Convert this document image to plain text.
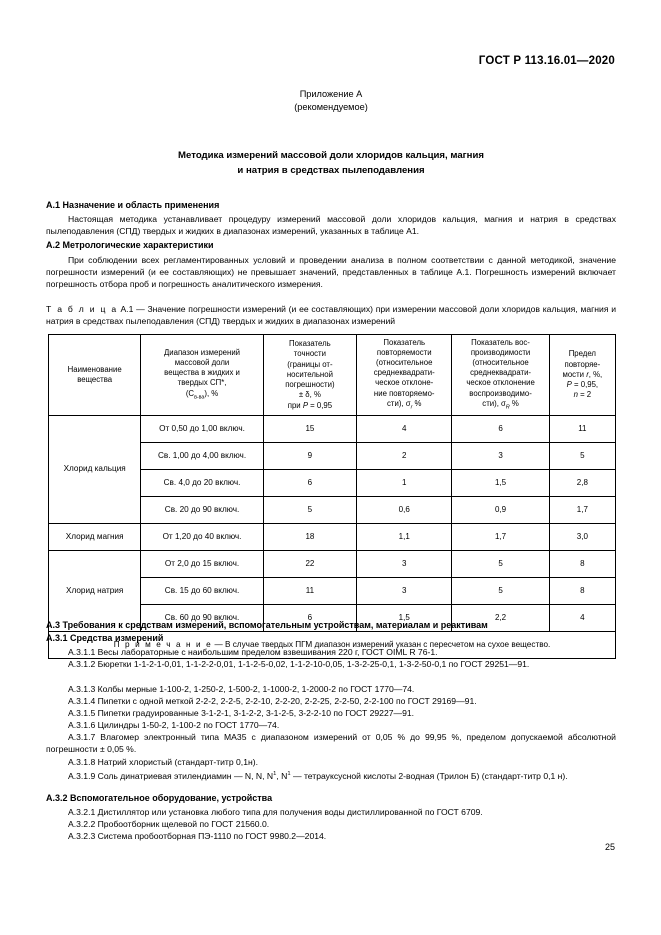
ГОСТ Р 113.16.01—2020
Приложение А
(рекомендуемое)
Методика измерений массовой доли хлоридов кальция, магния
и натрия в средствах пылеподавления

А.1 Назначение и область применения

Настоящая методика устанавливает процедуру измерений массовой доли хлоридов кальция, магния и натрия в средствах пылеподавления (СПД) твердых и жидких в диапазонах измерений, указанных в таблице А1.

А.2 Метрологические характеристики

При соблюдении всех регламентированных условий и проведении анализа в полном соответствии с данной методикой, значение погрешности измерений (и ее составляющих) не превышает значений, представленных в таблице А.1. Погрешность измерений включает погрешность отбора проб и погрешность аналитического измерения.

Т а б л и ц а А.1 — Значение погрешности измерений (и ее составляющих) при измерении массовой доли хлоридов кальция, магния и натрия в средствах пылеподавления (СПД) твердых и жидких в диапазонах измерений

Наименование вещества	Диапазон измерений
массовой доли
вещества в жидких и
твердых СП*,
$(C_{в-ва})$, %	Показатель
точности
(границы от-
носительной
погрешности)
± δ, %
при P = 0,95	Показатель
повторяемости
(относительное
среднеквадрати-
ческое отклоне-
ние повторяемо-
сти), $\sigma_r$ %	Показатель вос-
производимости
(относительное
среднеквадрати-
ческое отклонение
воспроизводимо-
сти), $\sigma_R$ %	Предел
повторяе-
мости r, %,
P = 0,95,
n = 2
Хлорид кальция	От 0,50 до 1,00 включ.	15	4	6	11
	Св. 1,00 до 4,00 включ.	9	2	3	5
	Св. 4,0 до 20 включ.	6	1	1,5	2,8
	Св. 20 до 90 включ.	5	0,6	0,9	1,7
Хлорид магния	От 1,20 до 40 включ.	18	1,1	1,7	3,0
Хлорид натрия	От 2,0 до 15 включ.	22	3	5	8
	Св. 15 до 60 включ.	11	3	5	8
	Св. 60 до 90 включ.	6	1,5	2,2	4
П р и м е ч а н и е — В случае твердых ПГМ диапазон измерений указан с пересчетом на сухое вещество.					

А.3 Требования к средствам измерений, вспомогательным устройствам, материалам и реактивам

А.3.1 Средства измерений

А.3.1.1 Весы лабораторные с наибольшим пределом взвешивания 220 г, ГОСТ OIML R 76-1.

А.3.1.2 Бюретки 1-1-2-1-0,01, 1-1-2-2-0,01, 1-1-2-5-0,02, 1-1-2-10-0,05, 1-3-2-25-0,1, 1-3-2-50-0,1 по ГОСТ 29251—91.

А.3.1.3 Колбы мерные 1-100-2, 1-250-2, 1-500-2, 1-1000-2, 1-2000-2 по ГОСТ 1770—74.

А.3.1.4 Пипетки с одной меткой 2-2-2, 2-2-5, 2-2-10, 2-2-20, 2-2-25, 2-2-50, 2-2-100 по ГОСТ 29169—91.

А.3.1.5 Пипетки градуированные 3-1-2-1, 3-1-2-2, 3-1-2-5, 3-2-2-10 по ГОСТ 29227—91.

А.3.1.6 Цилиндры 1-50-2, 1-100-2 по ГОСТ 1770—74.

А.3.1.7 Влагомер электронный типа МА35 с диапазоном измерений от 0,05 % до 99,95 %, пределом допускаемой абсолютной погрешности ± 0,05 %.

А.3.1.8 Натрий хлористый (стандарт-титр 0,1н).

А.3.1.9 Соль динатриевая этилендиамин — N, N, $N^1$, $N^1$ — тетрауксусной кислоты 2-водная (Трилон Б) (стандарт-титр 0,1 н).

А.3.2 Вспомогательное оборудование, устройства

А.3.2.1 Дистиллятор или установка любого типа для получения воды дистиллированной по ГОСТ 6709.

А.3.2.2 Пробоотборник щелевой по ГОСТ 21560.0.

А.3.2.3 Система пробоотборная ПЭ-1110 по ГОСТ 9980.2—2014.

25
